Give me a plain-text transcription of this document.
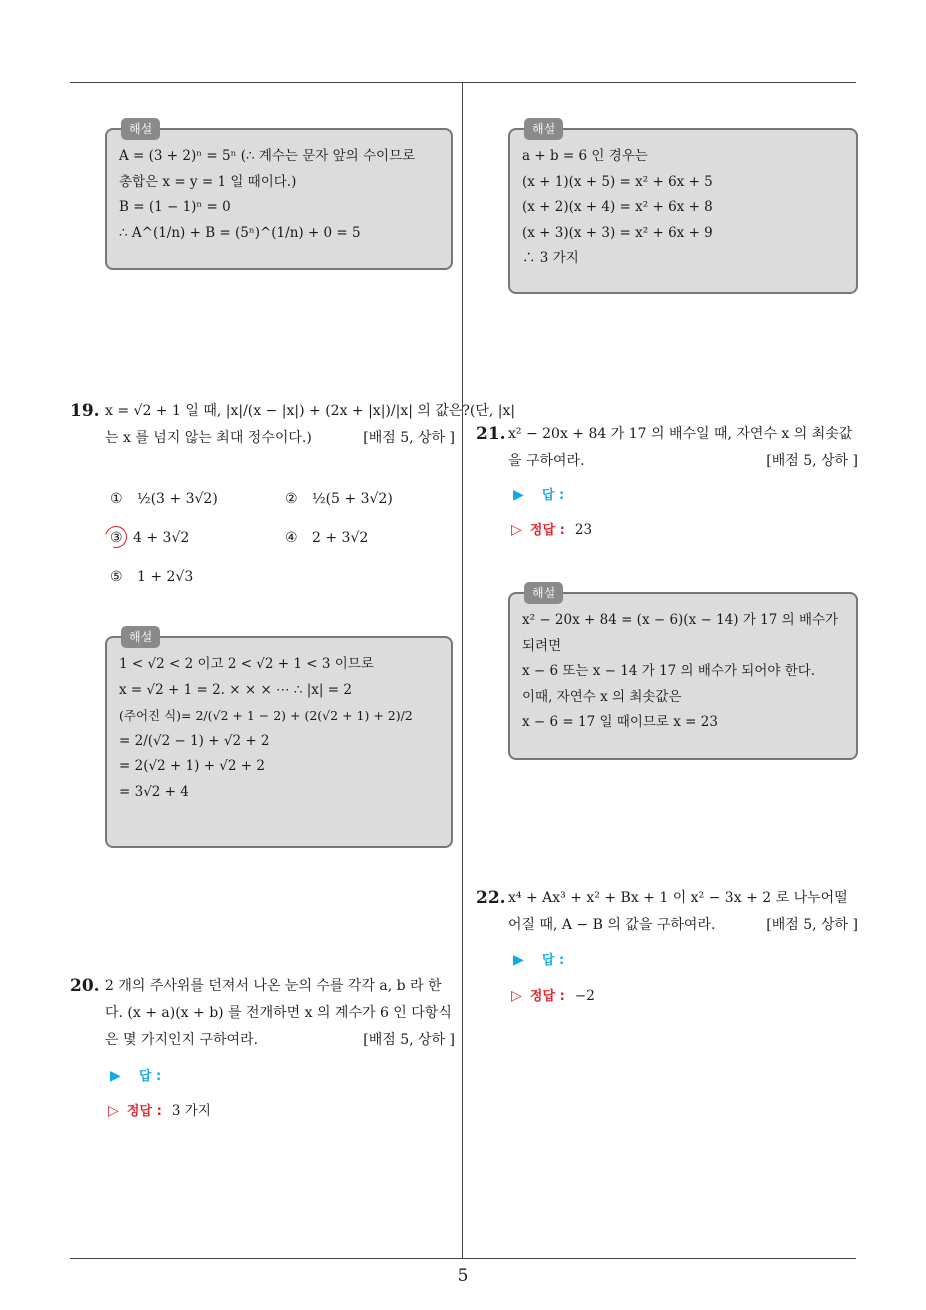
5
해설
A = (3 + 2)ⁿ = 5ⁿ (∴ 계수는 문자 앞의 수이므로
총합은 x = y = 1 일 때이다.)
B = (1 − 1)ⁿ = 0
∴ A^(1/n) + B = (5ⁿ)^(1/n) + 0 = 5
19. x = √2 + 1 일 때, |x|/(x − |x|) + (2x + |x|)/|x| 의 값은?(단, |x|
는 x 를 넘지 않는 최대 정수이다.)	[배점 5, 상하 ]
① ½(3 + 3√2)	② ½(5 + 3√2)
③ 4 + 3√2	④ 2 + 3√2
⑤ 1 + 2√3
해설
1 < √2 < 2 이고 2 < √2 + 1 < 3 이므로
x = √2 + 1 = 2. × × × ⋯ ∴ |x| = 2
(주어진 식)= 2/(√2 + 1 − 2) + (2(√2 + 1) + 2)/2
= 2/(√2 − 1) + √2 + 2
= 2(√2 + 1) + √2 + 2
= 3√2 + 4
20. 2 개의 주사위를 던져서 나온 눈의 수를 각각 a, b 라 한다. (x + a)(x + b) 를 전개하면 x 의 계수가 6 인 다항식은 몇 가지인지 구하여라.	[배점 5, 상하 ]
▶ 답 :
▷ 정답 : 3 가지
해설
a + b = 6 인 경우는
(x + 1)(x + 5) = x² + 6x + 5
(x + 2)(x + 4) = x² + 6x + 8
(x + 3)(x + 3) = x² + 6x + 9
∴ 3 가지
21. x² − 20x + 84 가 17 의 배수일 때, 자연수 x 의 최솟값을 구하여라.	[배점 5, 상하 ]
▶ 답 :
▷ 정답 : 23
해설
x² − 20x + 84 = (x − 6)(x − 14) 가 17 의 배수가
되려면
x − 6 또는 x − 14 가 17 의 배수가 되어야 한다.
이때, 자연수 x 의 최솟값은
x − 6 = 17 일 때이므로 x = 23
22. x⁴ + Ax³ + x² + Bx + 1 이 x² − 3x + 2 로 나누어떨어질 때, A − B 의 값을 구하여라.	[배점 5, 상하 ]
▶ 답 :
▷ 정답 : −2
